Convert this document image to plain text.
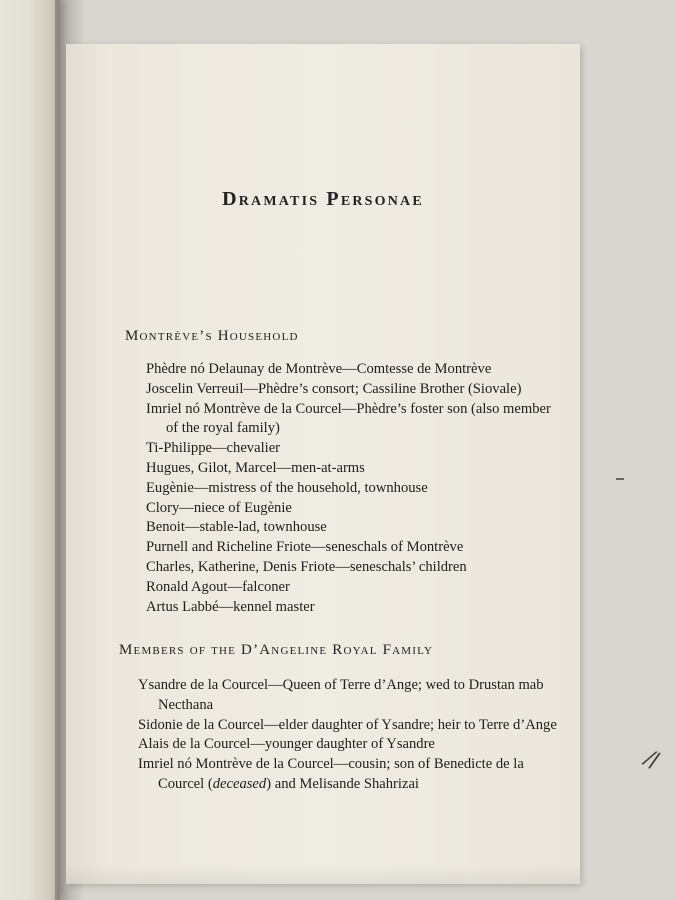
Dramatis Personae
Montrève’s Household
Phèdre nó Delaunay de Montrève—Comtesse de Montrève
Joscelin Verreuil—Phèdre’s consort; Cassiline Brother (Siovale)
Imriel nó Montrève de la Courcel—Phèdre’s foster son (also member of the royal family)
Ti-Philippe—chevalier
Hugues, Gilot, Marcel—men-at-arms
Eugènie—mistress of the household, townhouse
Clory—niece of Eugènie
Benoit—stable-lad, townhouse
Purnell and Richeline Friote—seneschals of Montrève
Charles, Katherine, Denis Friote—seneschals’ children
Ronald Agout—falconer
Artus Labbé—kennel master
Members of the D’Angeline Royal Family
Ysandre de la Courcel—Queen of Terre d’Ange; wed to Drustan mab Necthana
Sidonie de la Courcel—elder daughter of Ysandre; heir to Terre d’Ange
Alais de la Courcel—younger daughter of Ysandre
Imriel nó Montrève de la Courcel—cousin; son of Benedicte de la Courcel (deceased) and Melisande Shahrizai
⁄/
